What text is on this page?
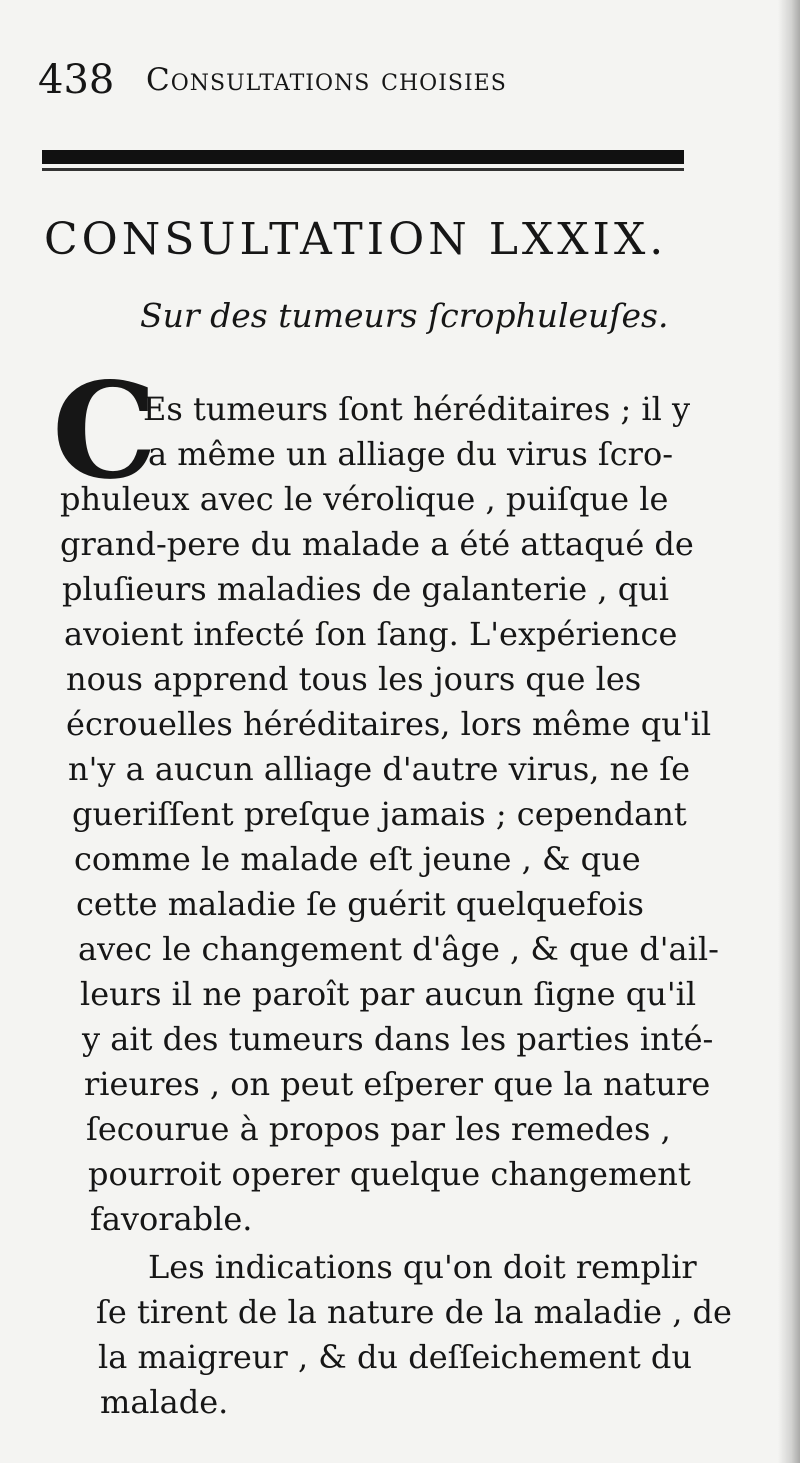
438 Consultations choisies
CONSULTATION LXXIX.
Sur des tumeurs ſcrophuleuſes.
C
Es tumeurs ſont héréditaires ; il y
a même un alliage du virus ſcro-
phuleux avec le vérolique , puiſque le
grand-pere du malade a été attaqué de
pluſieurs maladies de galanterie , qui
avoient infecté ſon ſang. L'expérience
nous apprend tous les jours que les
écrouelles héréditaires, lors même qu'il
n'y a aucun alliage d'autre virus, ne ſe
gueriſſent preſque jamais ; cependant
comme le malade eſt jeune , & que
cette maladie ſe guérit quelquefois
avec le changement d'âge , & que d'ail-
leurs il ne paroît par aucun ſigne qu'il
y ait des tumeurs dans les parties inté-
rieures , on peut eſperer que la nature
ſecourue à propos par les remedes ,
pourroit operer quelque changement
favorable.
Les indications qu'on doit remplir
ſe tirent de la nature de la maladie , de
la maigreur , & du deſſeichement du
malade.
